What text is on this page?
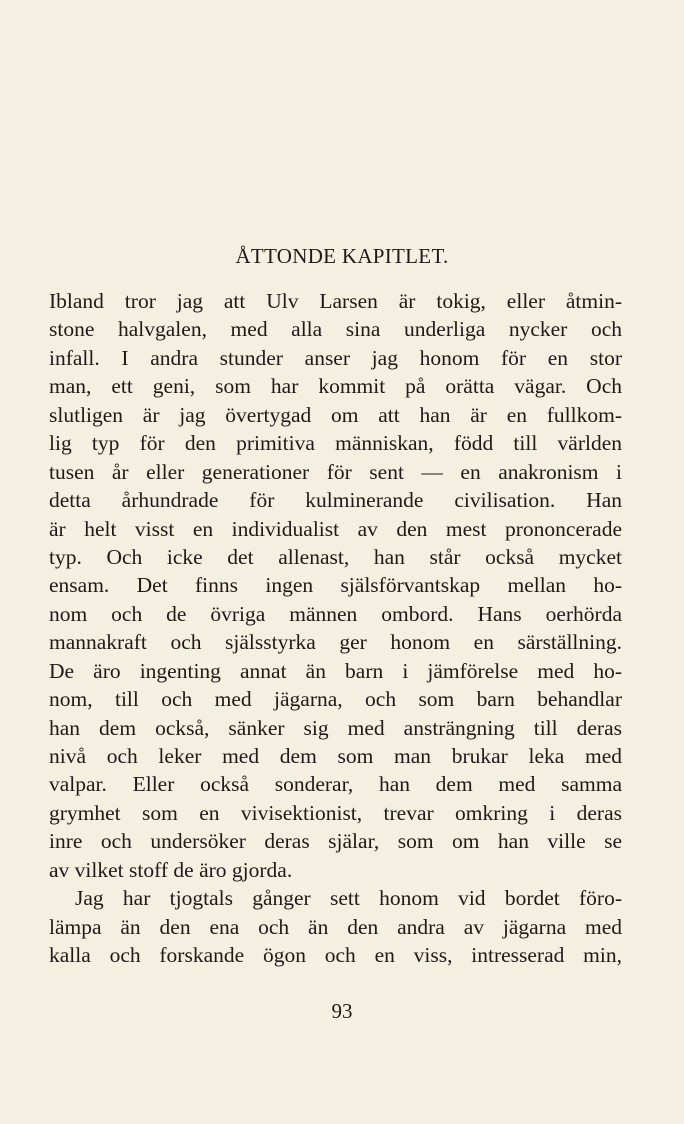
ÅTTONDE KAPITLET.
Ibland tror jag att Ulv Larsen är tokig, eller åtmin-
stone halvgalen, med alla sina underliga nycker och
infall. I andra stunder anser jag honom för en stor
man, ett geni, som har kommit på orätta vägar. Och
slutligen är jag övertygad om att han är en fullkom-
lig typ för den primitiva människan, född till världen
tusen år eller generationer för sent — en anakronism i
detta århundrade för kulminerande civilisation. Han
är helt visst en individualist av den mest prononcerade
typ. Och icke det allenast, han står också mycket
ensam. Det finns ingen själsförvantskap mellan ho-
nom och de övriga männen ombord. Hans oerhörda
mannakraft och själsstyrka ger honom en särställning.
De äro ingenting annat än barn i jämförelse med ho-
nom, till och med jägarna, och som barn behandlar
han dem också, sänker sig med ansträngning till deras
nivå och leker med dem som man brukar leka med
valpar. Eller också sonderar, han dem med samma
grymhet som en vivisektionist, trevar omkring i deras
inre och undersöker deras själar, som om han ville se
av vilket stoff de äro gjorda.
Jag har tjogtals gånger sett honom vid bordet föro-
lämpa än den ena och än den andra av jägarna med
kalla och forskande ögon och en viss, intresserad min,
93
